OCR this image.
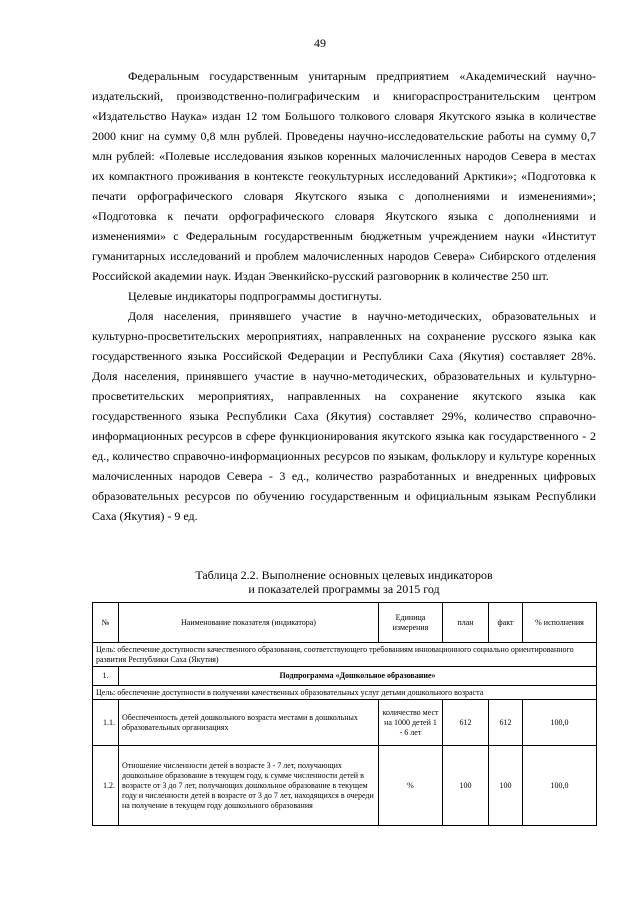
49

Федеральным государственным унитарным предприятием «Академический научно-издательский, производственно-полиграфическим и книгораспространительским центром «Издательство Наука» издан 12 том Большого толкового словаря Якутского языка в количестве 2000 книг на сумму 0,8 млн рублей. Проведены научно-исследовательские работы на сумму 0,7 млн рублей: «Полевые исследования языков коренных малочисленных народов Севера в местах их компактного проживания в контексте геокультурных исследований Арктики»; «Подготовка к печати орфографического словаря Якутского языка с дополнениями и изменениями»; «Подготовка к печати орфографического словаря Якутского языка с дополнениями и изменениями» с Федеральным государственным бюджетным учреждением науки «Институт гуманитарных исследований и проблем малочисленных народов Севера» Сибирского отделения Российской академии наук. Издан Эвенкийско-русский разговорник в количестве 250 шт.

Целевые индикаторы подпрограммы достигнуты.

Доля населения, принявшего участие в научно-методических, образовательных и культурно-просветительских мероприятиях, направленных на сохранение русского языка как государственного языка Российской Федерации и Республики Саха (Якутия) составляет 28%. Доля населения, принявшего участие в научно-методических, образовательных и культурно-просветительских мероприятиях, направленных на сохранение якутского языка как государственного языка Республики Саха (Якутия) составляет 29%, количество справочно-информационных ресурсов в сфере функционирования якутского языка как государственного - 2 ед., количество справочно-информационных ресурсов по языкам, фольклору и культуре коренных малочисленных народов Севера - 3 ед., количество разработанных и внедренных цифровых образовательных ресурсов по обучению государственным и официальным языкам Республики Саха (Якутия) - 9 ед.

Таблица 2.2. Выполнение основных целевых индикаторов
и показателей программы за 2015 год
№	Наименование показателя (индикатора)	Единица измерения	план	факт	% исполнения
Цель: обеспечение доступности качественного образования, соответствующего требованиям инновационного социально ориентированного развития Республики Саха (Якутия)					
1.	Подпрограмма «Дошкольное образование»				
Цель: обеспечение доступности в получении качественных образовательных услуг детьми дошкольного возраста					
1.1.	Обеспеченность детей дошкольного возраста местами в дошкольных образовательных организациях	количество мест на 1000 детей 1 - 6 лет	612	612	100,0
1.2.	Отношение численности детей в возрасте 3 - 7 лет, получающих дошкольное образование в текущем году, к сумме численности детей в возрасте от 3 до 7 лет, получающих дошкольное образование в текущем году и численности детей в возрасте от 3 до 7 лет, находящихся в очереди на получение в текущем году дошкольного образования	%	100	100	100,0
